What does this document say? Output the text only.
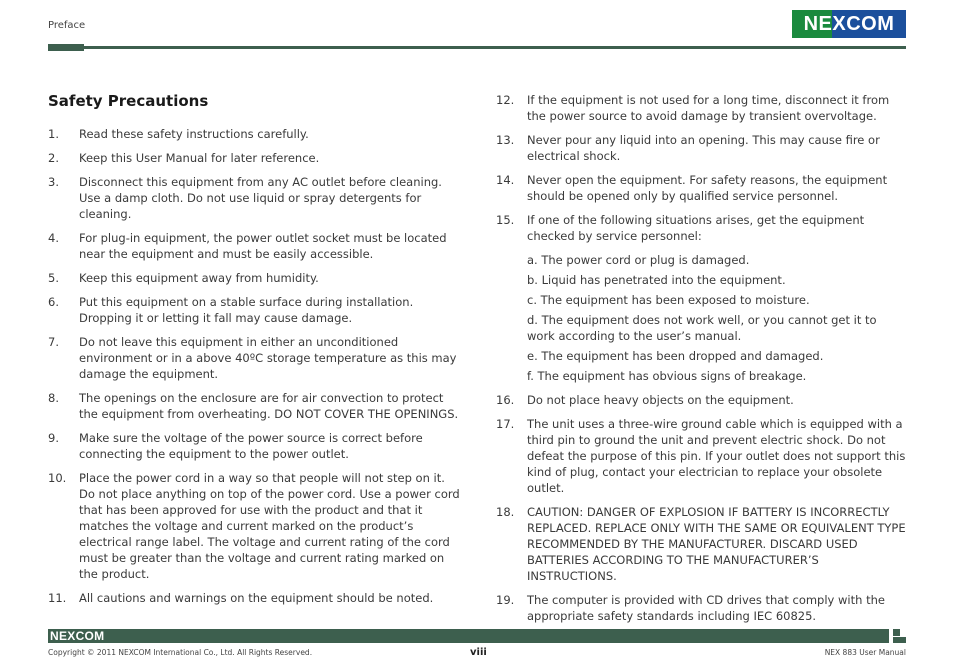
Preface	NEXCOM
Safety Precautions
1. Read these safety instructions carefully.
2. Keep this User Manual for later reference.
3. Disconnect this equipment from any AC outlet before cleaning. Use a damp cloth. Do not use liquid or spray detergents for cleaning.
4. For plug-in equipment, the power outlet socket must be located near the equipment and must be easily accessible.
5. Keep this equipment away from humidity.
6. Put this equipment on a stable surface during installation. Dropping it or letting it fall may cause damage.
7. Do not leave this equipment in either an unconditioned environment or in a above 40ºC storage temperature as this may damage the equipment.
8. The openings on the enclosure are for air convection to protect the equipment from overheating. DO NOT COVER THE OPENINGS.
9. Make sure the voltage of the power source is correct before connecting the equipment to the power outlet.
10. Place the power cord in a way so that people will not step on it. Do not place anything on top of the power cord. Use a power cord that has been approved for use with the product and that it matches the voltage and current marked on the product’s electrical range label. The voltage and current rating of the cord must be greater than the voltage and current rating marked on the product.
11. All cautions and warnings on the equipment should be noted.
12. If the equipment is not used for a long time, disconnect it from the power source to avoid damage by transient overvoltage.
13. Never pour any liquid into an opening. This may cause fire or electrical shock.
14. Never open the equipment. For safety reasons, the equipment should be opened only by qualified service personnel.
15. If one of the following situations arises, get the equipment checked by service personnel:
a. The power cord or plug is damaged.
b. Liquid has penetrated into the equipment.
c. The equipment has been exposed to moisture.
d. The equipment does not work well, or you cannot get it to work according to the user’s manual.
e. The equipment has been dropped and damaged.
f. The equipment has obvious signs of breakage.
16. Do not place heavy objects on the equipment.
17. The unit uses a three-wire ground cable which is equipped with a third pin to ground the unit and prevent electric shock. Do not defeat the purpose of this pin. If your outlet does not support this kind of plug, contact your electrician to replace your obsolete outlet.
18. CAUTION: DANGER OF EXPLOSION IF BATTERY IS INCORRECTLY REPLACED. REPLACE ONLY WITH THE SAME OR EQUIVALENT TYPE RECOMMENDED BY THE MANUFACTURER. DISCARD USED BATTERIES ACCORDING TO THE MANUFACTURER’S INSTRUCTIONS.
19. The computer is provided with CD drives that comply with the appropriate safety standards including IEC 60825.
NEXCOM
Copyright © 2011 NEXCOM International Co., Ltd. All Rights Reserved.	viii	NEX 883 User Manual
